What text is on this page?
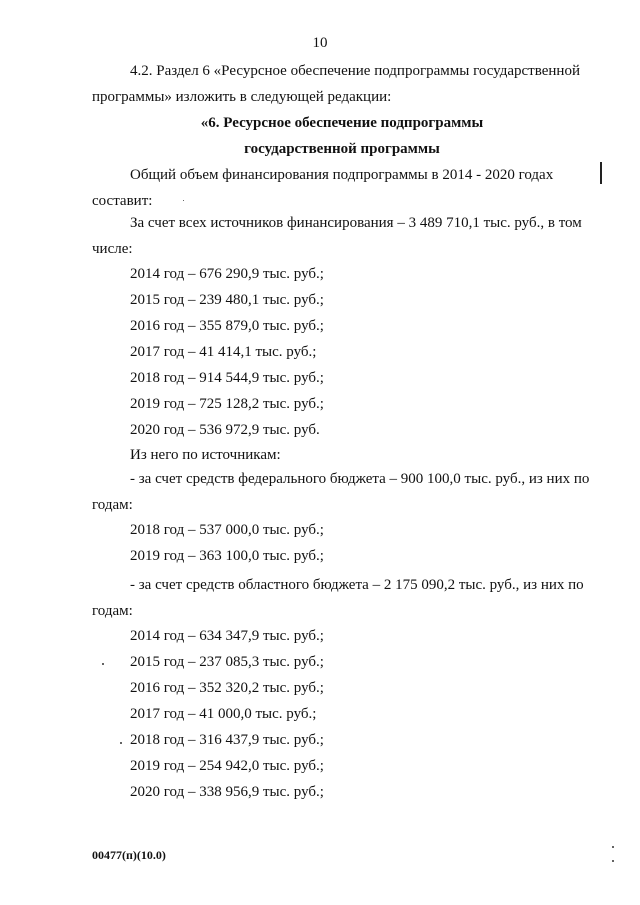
10

4.2. Раздел 6 «Ресурсное обеспечение подпрограммы государственной

программы» изложить в следующей редакции:

«6. Ресурсное обеспечение подпрограммы

государственной программы

Общий объем финансирования подпрограммы в 2014 - 2020 годах

составит:

За счет всех источников финансирования – 3 489 710,1 тыс. руб., в том

числе:

2014 год – 676 290,9 тыс. руб.;
2015 год – 239 480,1 тыс. руб.;
2016 год – 355 879,0 тыс. руб.;
2017 год – 41 414,1 тыс. руб.;
2018 год – 914 544,9 тыс. руб.;
2019 год – 725 128,2 тыс. руб.;
2020 год – 536 972,9 тыс. руб.
Из него по источникам:

- за счет средств федерального бюджета – 900 100,0 тыс. руб., из них по

годам:

2018 год – 537 000,0 тыс. руб.;
2019 год – 363 100,0 тыс. руб.;

- за счет средств областного бюджета – 2 175 090,2 тыс. руб., из них по

годам:

2014 год – 634 347,9 тыс. руб.;
2015 год – 237 085,3 тыс. руб.;
2016 год – 352 320,2 тыс. руб.;
2017 год – 41 000,0 тыс. руб.;
2018 год – 316 437,9 тыс. руб.;
2019 год – 254 942,0 тыс. руб.;
2020 год – 338 956,9 тыс. руб.;
00477(п)(10.0)
